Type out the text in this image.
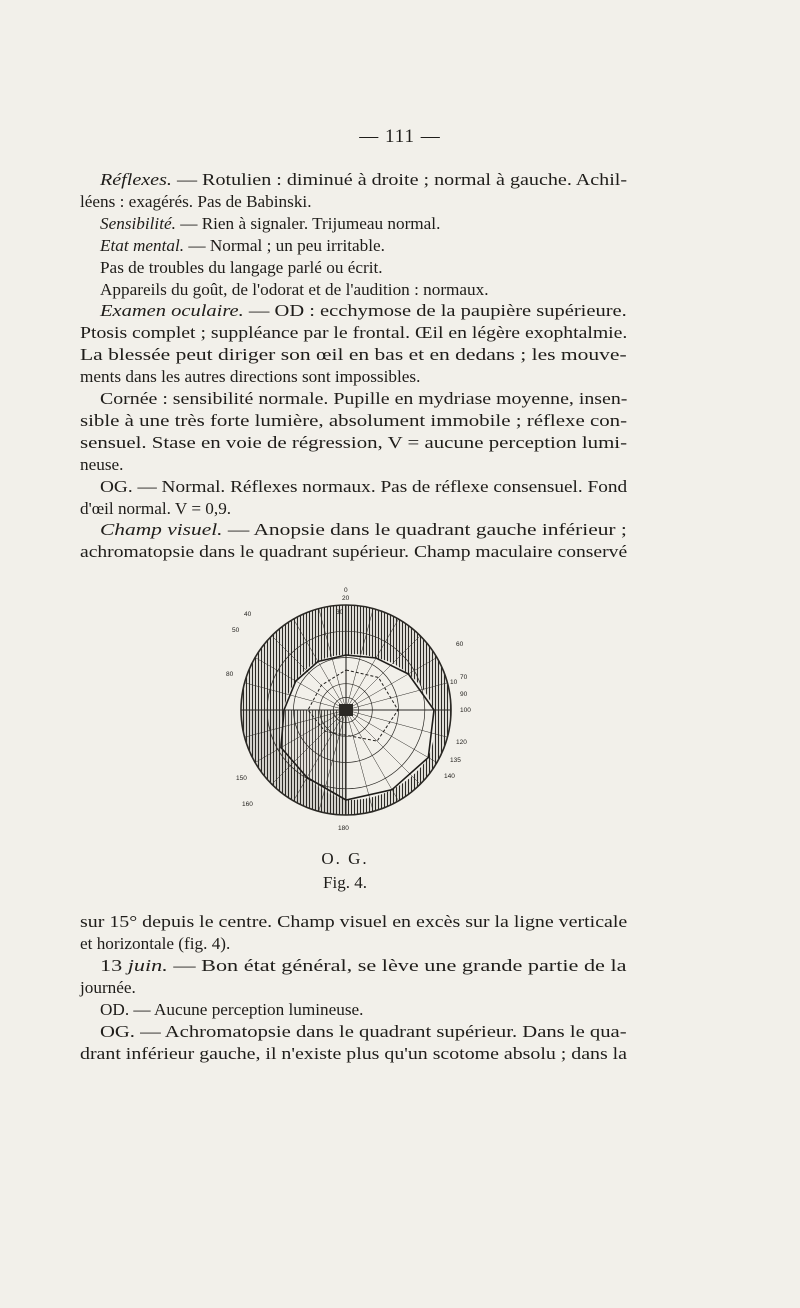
— 111 —
Réflexes. — Rotulien : diminué à droite ; normal à gauche. Achil-
léens : exagérés. Pas de Babinski.
Sensibilité. — Rien à signaler. Trijumeau normal.
Etat mental. — Normal ; un peu irritable.
Pas de troubles du langage parlé ou écrit.
Appareils du goût, de l'odorat et de l'audition : normaux.
Examen oculaire. — OD : ecchymose de la paupière supérieure.
Ptosis complet ; suppléance par le frontal. Œil en légère exophtalmie.
La blessée peut diriger son œil en bas et en dedans ; les mouve-
ments dans les autres directions sont impossibles.
Cornée : sensibilité normale. Pupille en mydriase moyenne, insen-
sible à une très forte lumière, absolument immobile ; réflexe con-
sensuel. Stase en voie de régression, V = aucune perception lumi-
neuse.
OG. — Normal. Réflexes normaux. Pas de réflexe consensuel. Fond
d'œil normal. V = 0,9.
Champ visuel. — Anopsie dans le quadrant gauche inférieur ;
achromatopsie dans le quadrant supérieur. Champ maculaire conservé
0
10
20
30
40
50
60
70
80
90
100
120
135
140
150
160
180
O. G.
Fig. 4.
sur 15° depuis le centre. Champ visuel en excès sur la ligne verticale
et horizontale (fig. 4).
13 juin. — Bon état général, se lève une grande partie de la
journée.
OD. — Aucune perception lumineuse.
OG. — Achromatopsie dans le quadrant supérieur. Dans le qua-
drant inférieur gauche, il n'existe plus qu'un scotome absolu ; dans la
